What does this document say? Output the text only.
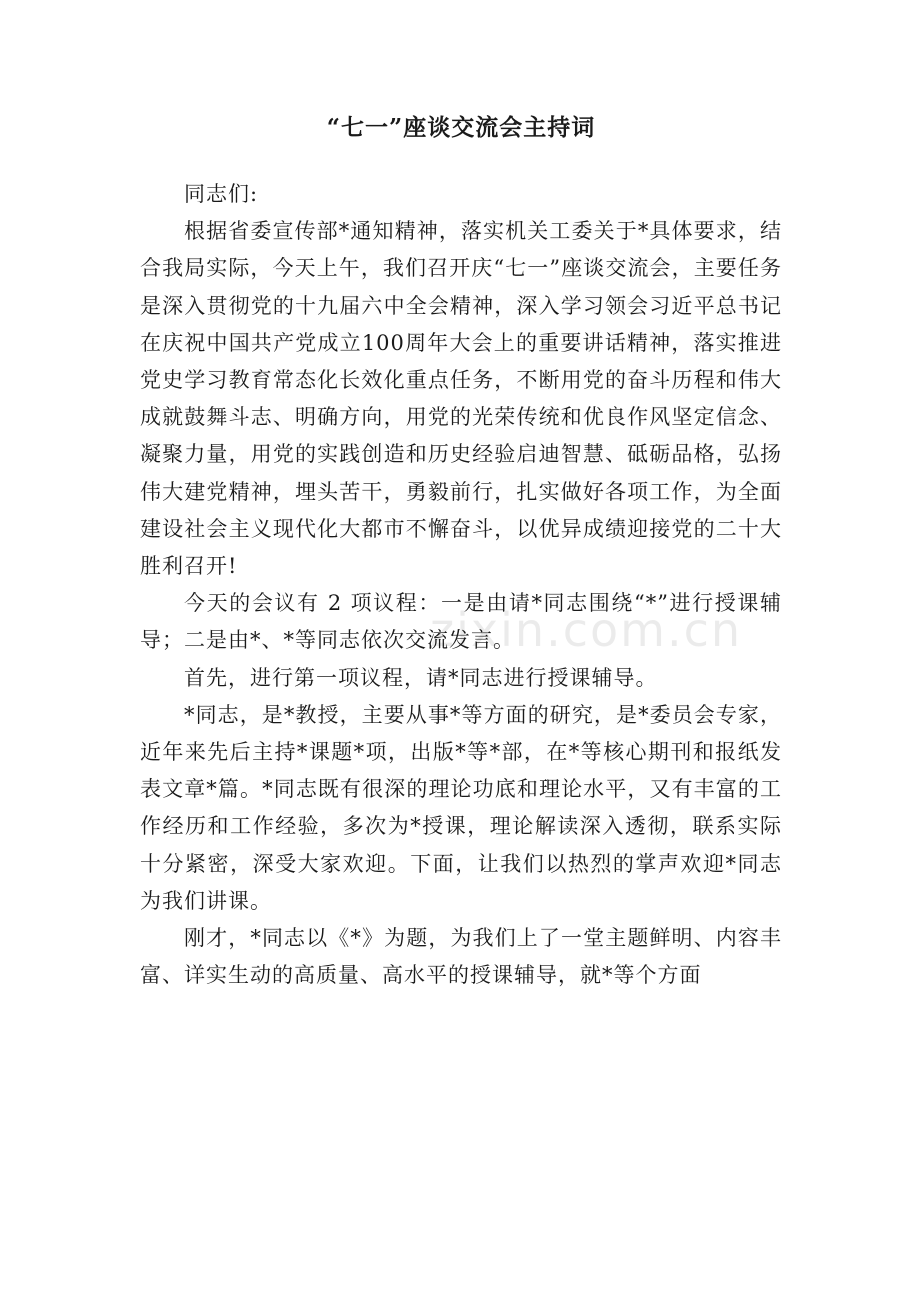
“七一”座谈交流会主持词

同志们:

根据省委宣传部*通知精神，落实机关工委关于*具体要求，结合我局实际，今天上午，我们召开庆“七一”座谈交流会，主要任务是深入贯彻党的十九届六中全会精神，深入学习领会习近平总书记在庆祝中国共产党成立100周年大会上的重要讲话精神，落实推进党史学习教育常态化长效化重点任务，不断用党的奋斗历程和伟大成就鼓舞斗志、明确方向，用党的光荣传统和优良作风坚定信念、凝聚力量，用党的实践创造和历史经验启迪智慧、砥砺品格，弘扬伟大建党精神，埋头苦干，勇毅前行，扎实做好各项工作，为全面建设社会主义现代化大都市不懈奋斗，以优异成绩迎接党的二十大胜利召开!

今天的会议有 2 项议程：一是由请*同志围绕“*”进行授课辅导；二是由*、*等同志依次交流发言。

首先，进行第一项议程，请*同志进行授课辅导。

*同志，是*教授，主要从事*等方面的研究，是*委员会专家，近年来先后主持*课题*项，出版*等*部，在*等核心期刊和报纸发表文章*篇。*同志既有很深的理论功底和理论水平，又有丰富的工作经历和工作经验，多次为*授课，理论解读深入透彻，联系实际十分紧密，深受大家欢迎。下面，让我们以热烈的掌声欢迎*同志为我们讲课。

刚才，*同志以《*》为题，为我们上了一堂主题鲜明、内容丰富、详实生动的高质量、高水平的授课辅导，就*等个方面

zixin.com.cn
